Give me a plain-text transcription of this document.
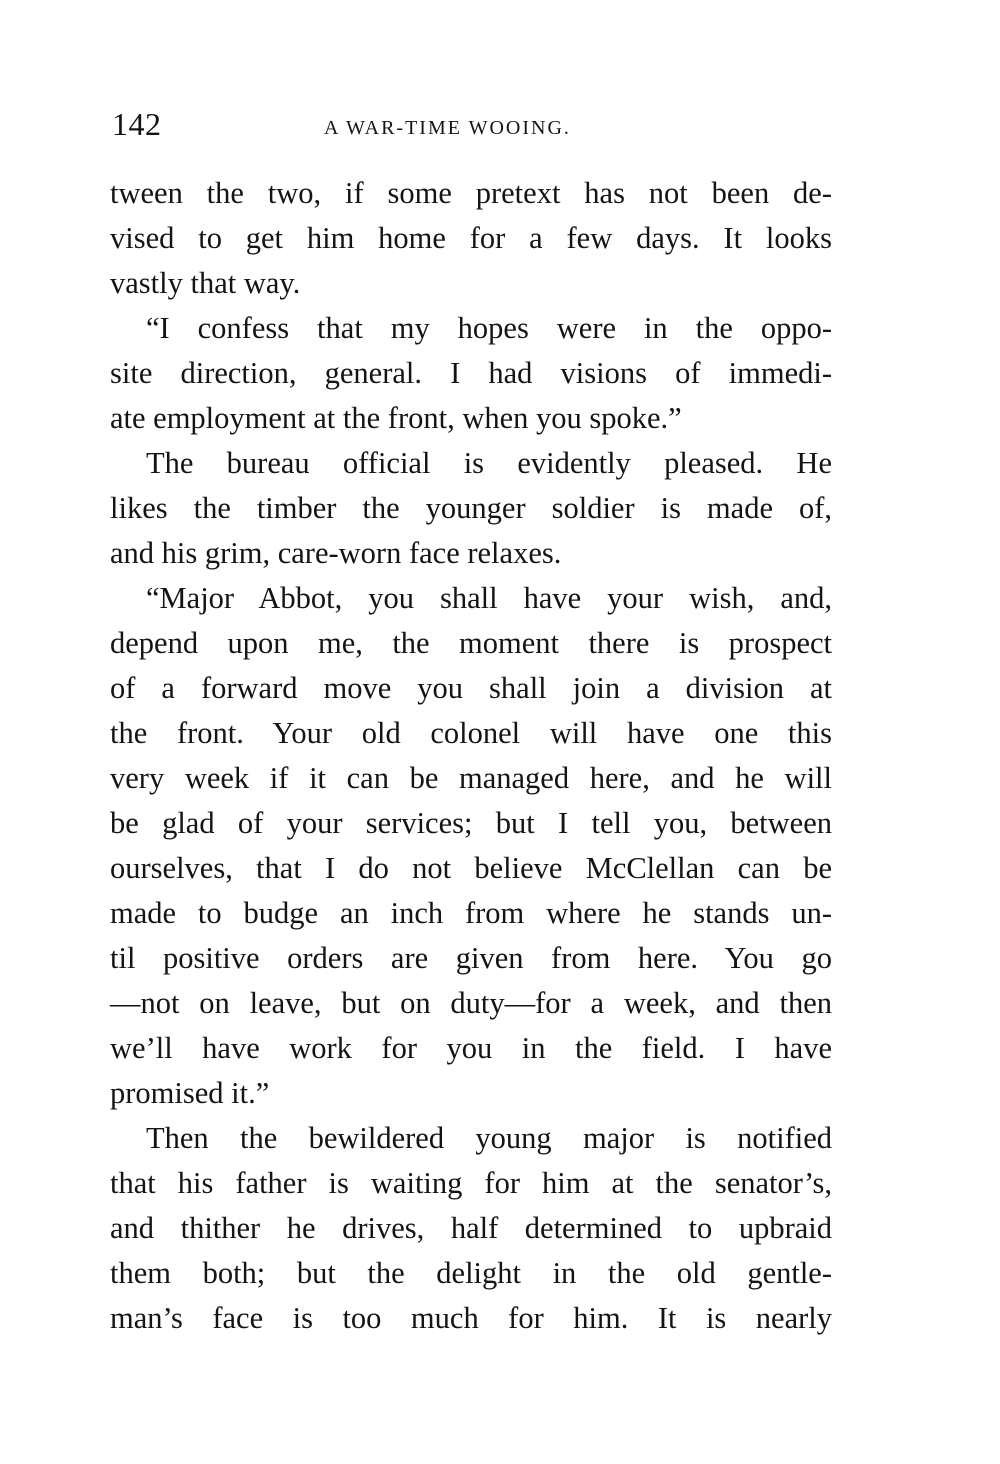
142	A WAR-TIME WOOING.
tween the two, if some pretext has not been de-
vised to get him home for a few days. It looks
vastly that way.
“I confess that my hopes were in the oppo-
site direction, general. I had visions of immedi-
ate employment at the front, when you spoke.”
The bureau official is evidently pleased. He
likes the timber the younger soldier is made of,
and his grim, care-worn face relaxes.
“Major Abbot, you shall have your wish, and,
depend upon me, the moment there is prospect
of a forward move you shall join a division at
the front. Your old colonel will have one this
very week if it can be managed here, and he will
be glad of your services; but I tell you, between
ourselves, that I do not believe McClellan can be
made to budge an inch from where he stands un-
til positive orders are given from here. You go
—not on leave, but on duty—for a week, and then
we’ll have work for you in the field. I have
promised it.”
Then the bewildered young major is notified
that his father is waiting for him at the senator’s,
and thither he drives, half determined to upbraid
them both; but the delight in the old gentle-
man’s face is too much for him. It is nearly
